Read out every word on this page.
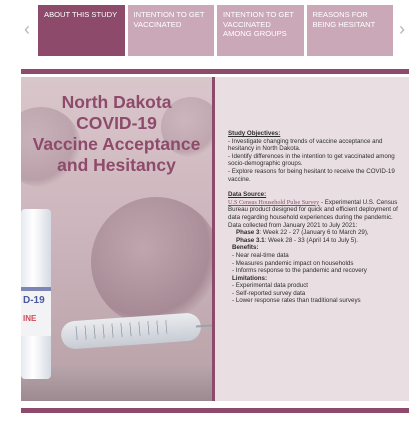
‹
ABOUT THIS STUDY	INTENTION TO GET VACCINATED
INTENTION TO GET VACCINATED AMONG GROUPS
REASONS FOR BEING HESITANT	›
D-19
INE
North Dakota
COVID-19
Vaccine Acceptance
and Hesitancy
Study Objectives:
- Investigate changing trends of vaccine acceptance and hesitancy in North Dakota.
- Identify differences in the intention to get vaccinated among socio-demographic groups.
- Explore reasons for being hesitant to receive the COVID-19 vaccine.
Data Source:
U.S Census Household Pulse Survey - Experimental U.S. Census Bureau product designed for quick and efficient deployment of data regarding household experiences during the pandemic.
Data collected from January 2021 to July 2021:
Phase 3: Week 22 - 27 (January 6 to March 29),
Phase 3.1: Week 28 - 33 (April 14 to July 5).
Benefits:
- Near real-time data
- Measures pandemic impact on households
- Informs response to the pandemic and recovery
Limitations:
- Experimental data product
- Self-reported survey data
- Lower response rates than traditional surveys
